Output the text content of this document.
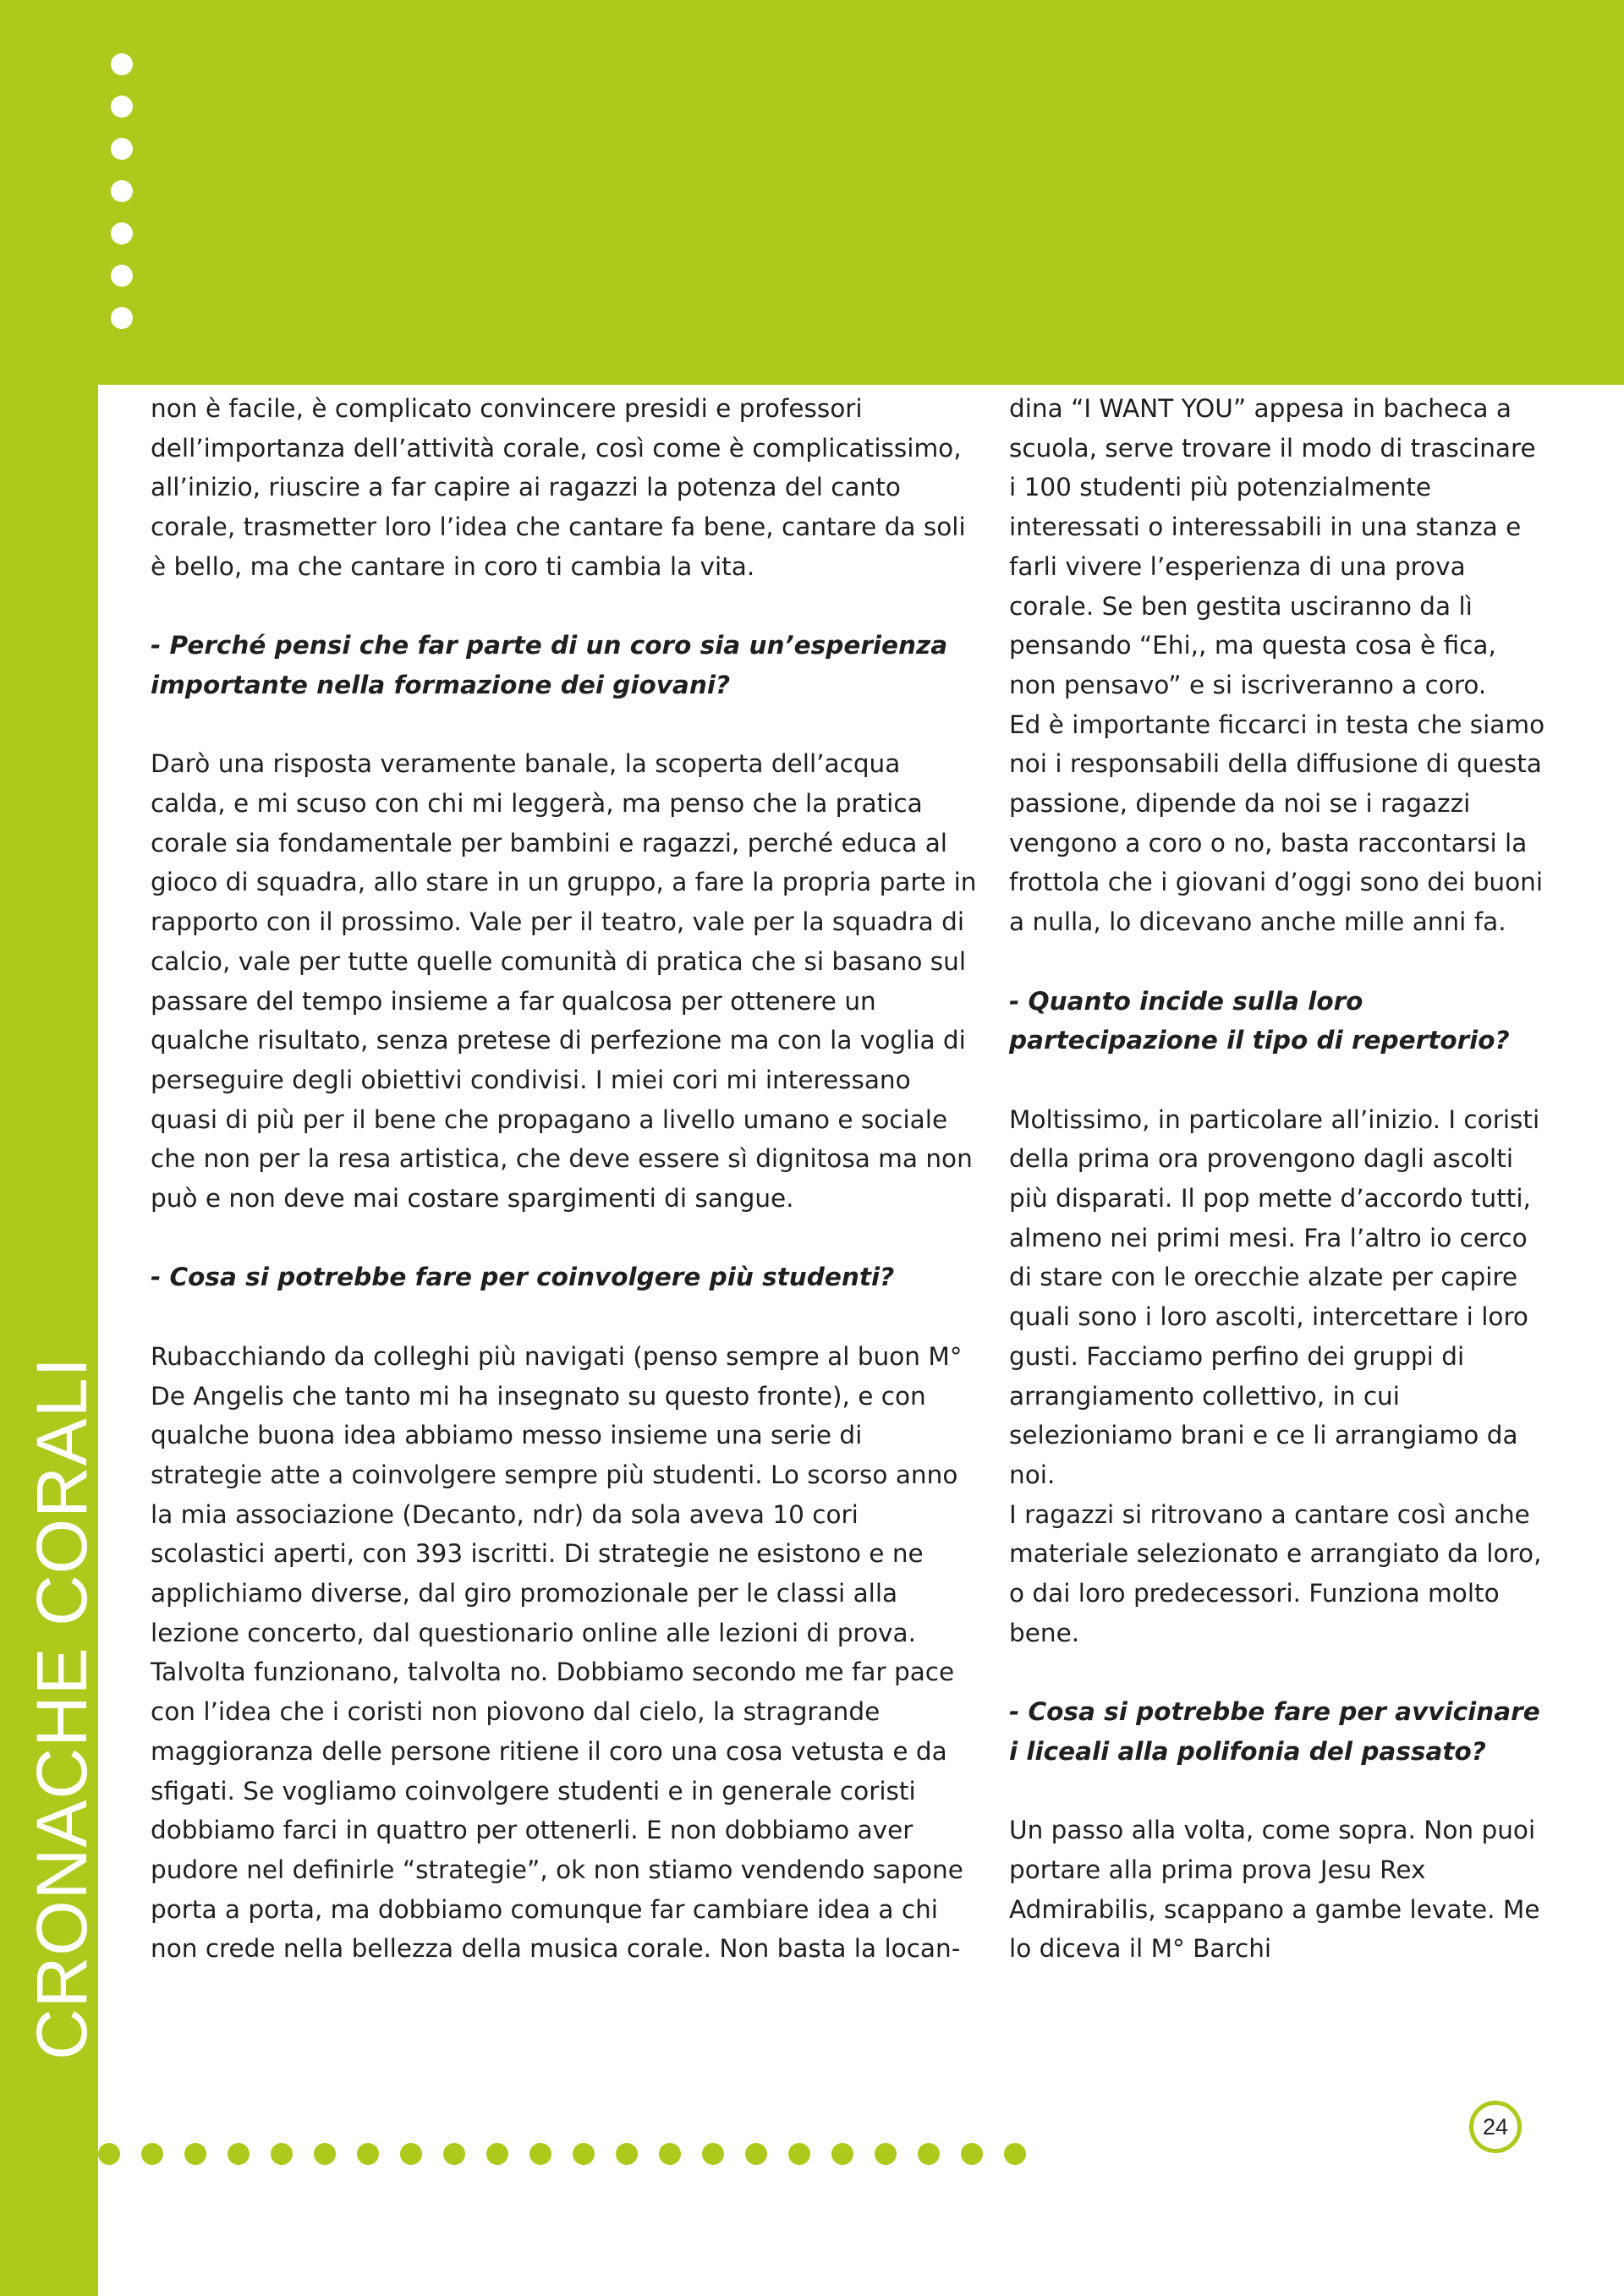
CRONACHE CORALI

non è facile, è complicato convincere presidi e professori dell’importanza dell’attività corale, così come è complicatissimo, all’inizio, riuscire a far capire ai ragazzi la potenza del canto corale, trasmetter loro l’idea che cantare fa bene, cantare da soli è bello, ma che cantare in coro ti cambia la vita.

- Perché pensi che far parte di un coro sia un’esperienza importante nella formazione dei giovani?

Darò una risposta veramente banale, la scoperta dell’acqua calda, e mi scuso con chi mi leggerà, ma penso che la pratica corale sia fondamentale per bambini e ragazzi, perché educa al gioco di squadra, allo stare in un gruppo, a fare la propria parte in rapporto con il prossimo. Vale per il teatro, vale per la squadra di calcio, vale per tutte quelle comunità di pratica che si basano sul passare del tempo insieme a far qualcosa per ottenere un qualche risultato, senza pretese di perfezione ma con la voglia di perseguire degli obiettivi condivisi. I miei cori mi interessano quasi di più per il bene che propagano a livello umano e sociale che non per la resa artistica, che deve essere sì dignitosa ma non può e non deve mai costare spargimenti di sangue.

- Cosa si potrebbe fare per coinvolgere più studenti?

Rubacchiando da colleghi più navigati (penso sempre al buon M° De Angelis che tanto mi ha insegnato su questo fronte), e con qualche buona idea abbiamo messo insieme una serie di strategie atte a coinvolgere sempre più studenti. Lo scorso anno la mia associazione (Decanto, ndr) da sola aveva 10 cori scolastici aperti, con 393 iscritti. Di strategie ne esistono e ne applichiamo diverse, dal giro promozionale per le classi alla lezione concerto, dal questionario online alle lezioni di prova. Talvolta funzionano, talvolta no. Dobbiamo secondo me far pace con l’idea che i coristi non piovono dal cielo, la stragrande maggioranza delle persone ritiene il coro una cosa vetusta e da sfigati. Se vogliamo coinvolgere studenti e in generale coristi dobbiamo farci in quattro per ottenerli. E non dobbiamo aver pudore nel definirle “strategie”, ok non stiamo vendendo sapone porta a porta, ma dobbiamo comunque far cambiare idea a chi non crede nella bellezza della musica corale. Non basta la locan-

dina “I WANT YOU” appesa in bacheca a scuola, serve trovare il modo di trascinare i 100 studenti più potenzialmente interessati o interessabili in una stanza e farli vivere l’esperienza di una prova corale. Se ben gestita usciranno da lì pensando “Ehi,, ma questa cosa è fica, non pensavo” e si iscriveranno a coro.

Ed è importante ficcarci in testa che siamo noi i responsabili della diffusione di questa passione, dipende da noi se i ragazzi vengono a coro o no, basta raccontarsi la frottola che i giovani d’oggi sono dei buoni a nulla, lo dicevano anche mille anni fa.

- Quanto incide sulla loro partecipazione il tipo di repertorio?

Moltissimo, in particolare all’inizio. I coristi della prima ora provengono dagli ascolti più disparati. Il pop mette d’accordo tutti, almeno nei primi mesi. Fra l’altro io cerco di stare con le orecchie alzate per capire quali sono i loro ascolti, intercettare i loro gusti. Facciamo perfino dei gruppi di arrangiamento collettivo, in cui selezioniamo brani e ce li arrangiamo da noi.

I ragazzi si ritrovano a cantare così anche materiale selezionato e arrangiato da loro, o dai loro predecessori. Funziona molto bene.

- Cosa si potrebbe fare per avvicinare i liceali alla polifonia del passato?

Un passo alla volta, come sopra. Non puoi portare alla prima prova Jesu Rex Admirabilis, scappano a gambe levate. Me lo diceva il M° Barchi

24
